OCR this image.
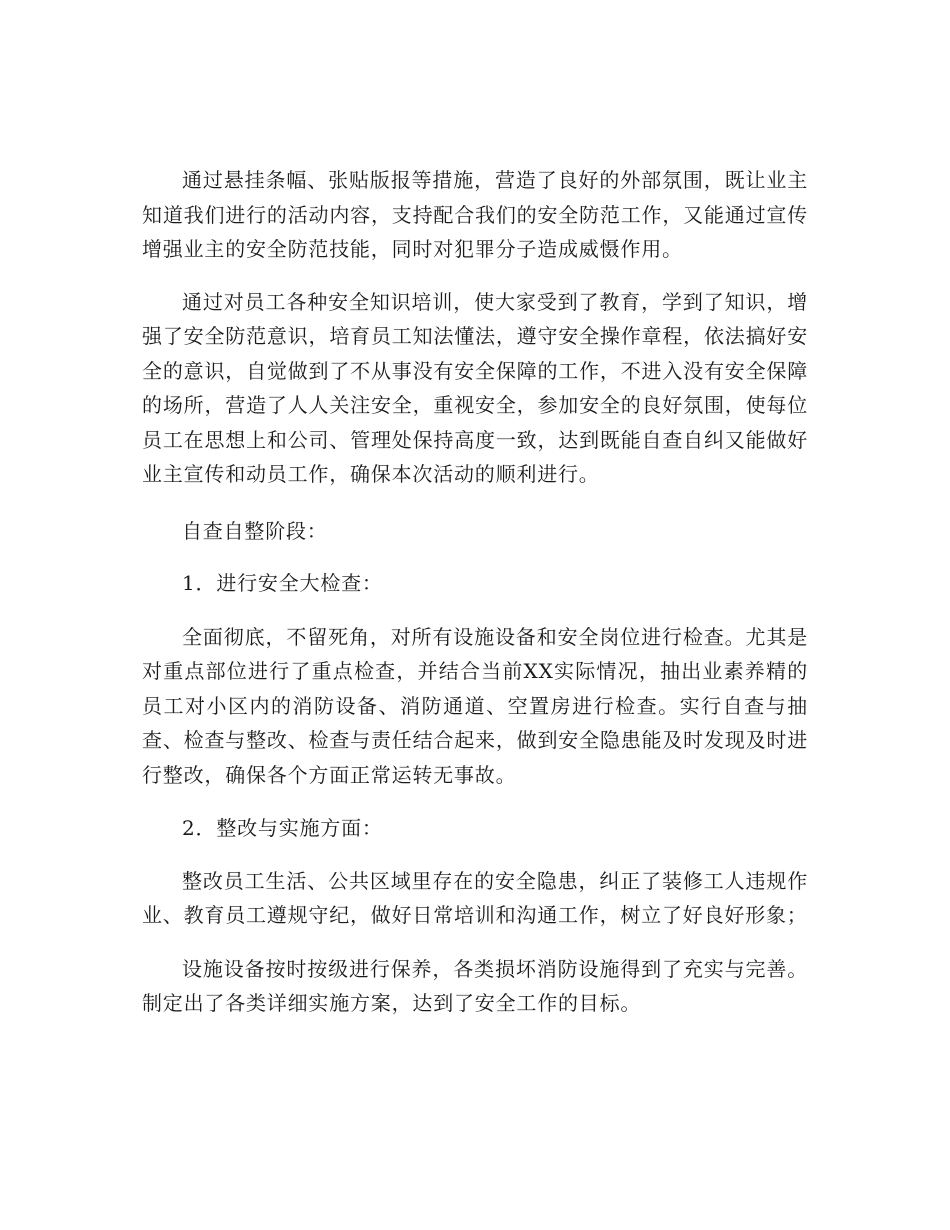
通过悬挂条幅、张贴版报等措施，营造了良好的外部氛围，既让业主知道我们进行的活动内容，支持配合我们的安全防范工作，又能通过宣传增强业主的安全防范技能，同时对犯罪分子造成威慑作用。

通过对员工各种安全知识培训，使大家受到了教育，学到了知识，增强了安全防范意识，培育员工知法懂法，遵守安全操作章程，依法搞好安全的意识，自觉做到了不从事没有安全保障的工作，不进入没有安全保障的场所，营造了人人关注安全，重视安全，参加安全的良好氛围，使每位员工在思想上和公司、管理处保持高度一致，达到既能自查自纠又能做好业主宣传和动员工作，确保本次活动的顺利进行。

自查自整阶段：

1．进行安全大检查：

全面彻底，不留死角，对所有设施设备和安全岗位进行检查。尤其是对重点部位进行了重点检查，并结合当前XX实际情况，抽出业素养精的员工对小区内的消防设备、消防通道、空置房进行检查。实行自查与抽查、检查与整改、检查与责任结合起来，做到安全隐患能及时发现及时进行整改，确保各个方面正常运转无事故。

2．整改与实施方面：

整改员工生活、公共区域里存在的安全隐患，纠正了装修工人违规作业、教育员工遵规守纪，做好日常培训和沟通工作，树立了好良好形象；

设施设备按时按级进行保养，各类损坏消防设施得到了充实与完善。制定出了各类详细实施方案，达到了安全工作的目标。
